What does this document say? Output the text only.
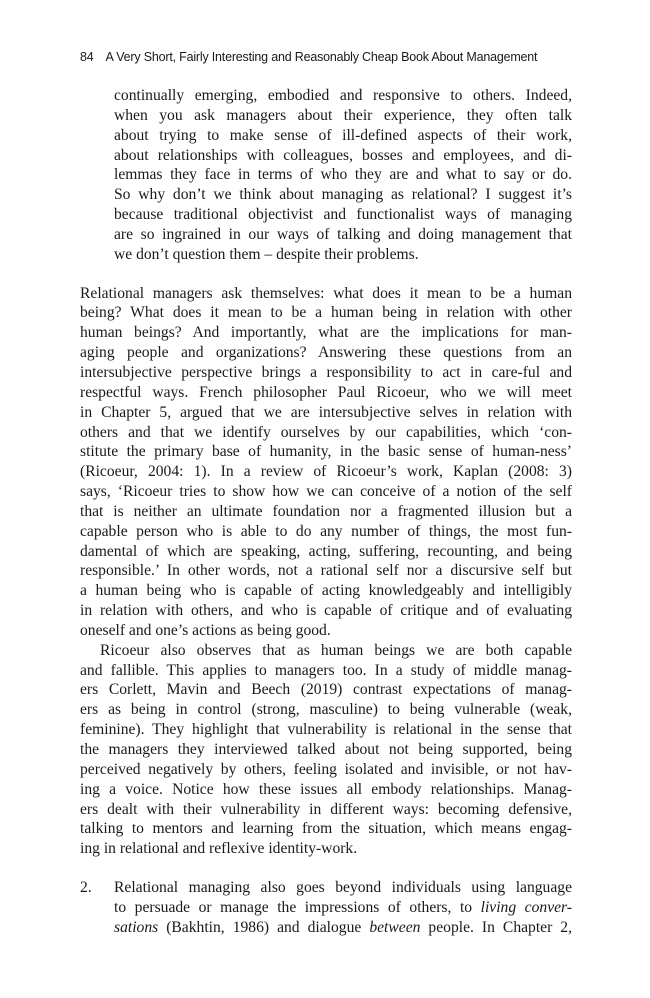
84 A Very Short, Fairly Interesting and Reasonably Cheap Book About Management
continually emerging, embodied and responsive to others. Indeed,
when you ask managers about their experience, they often talk
about trying to make sense of ill-defined aspects of their work,
about relationships with colleagues, bosses and employees, and di-
lemmas they face in terms of who they are and what to say or do.
So why don’t we think about managing as relational? I suggest it’s
because traditional objectivist and functionalist ways of managing
are so ingrained in our ways of talking and doing management that
we don’t question them – despite their problems.
Relational managers ask themselves: what does it mean to be a human
being? What does it mean to be a human being in relation with other
human beings? And importantly, what are the implications for man-
aging people and organizations? Answering these questions from an
intersubjective perspective brings a responsibility to act in care-ful and
respectful ways. French philosopher Paul Ricoeur, who we will meet
in Chapter 5, argued that we are intersubjective selves in relation with
others and that we identify ourselves by our capabilities, which ‘con-
stitute the primary base of humanity, in the basic sense of human-ness’
(Ricoeur, 2004: 1). In a review of Ricoeur’s work, Kaplan (2008: 3)
says, ‘Ricoeur tries to show how we can conceive of a notion of the self
that is neither an ultimate foundation nor a fragmented illusion but a
capable person who is able to do any number of things, the most fun-
damental of which are speaking, acting, suffering, recounting, and being
responsible.’ In other words, not a rational self nor a discursive self but
a human being who is capable of acting knowledgeably and intelligibly
in relation with others, and who is capable of critique and of evaluating
oneself and one’s actions as being good.
Ricoeur also observes that as human beings we are both capable
and fallible. This applies to managers too. In a study of middle manag-
ers Corlett, Mavin and Beech (2019) contrast expectations of manag-
ers as being in control (strong, masculine) to being vulnerable (weak,
feminine). They highlight that vulnerability is relational in the sense that
the managers they interviewed talked about not being supported, being
perceived negatively by others, feeling isolated and invisible, or not hav-
ing a voice. Notice how these issues all embody relationships. Manag-
ers dealt with their vulnerability in different ways: becoming defensive,
talking to mentors and learning from the situation, which means engag-
ing in relational and reflexive identity-work.
2. Relational managing also goes beyond individuals using language
to persuade or manage the impressions of others, to living conver-
sations (Bakhtin, 1986) and dialogue between people. In Chapter 2,
